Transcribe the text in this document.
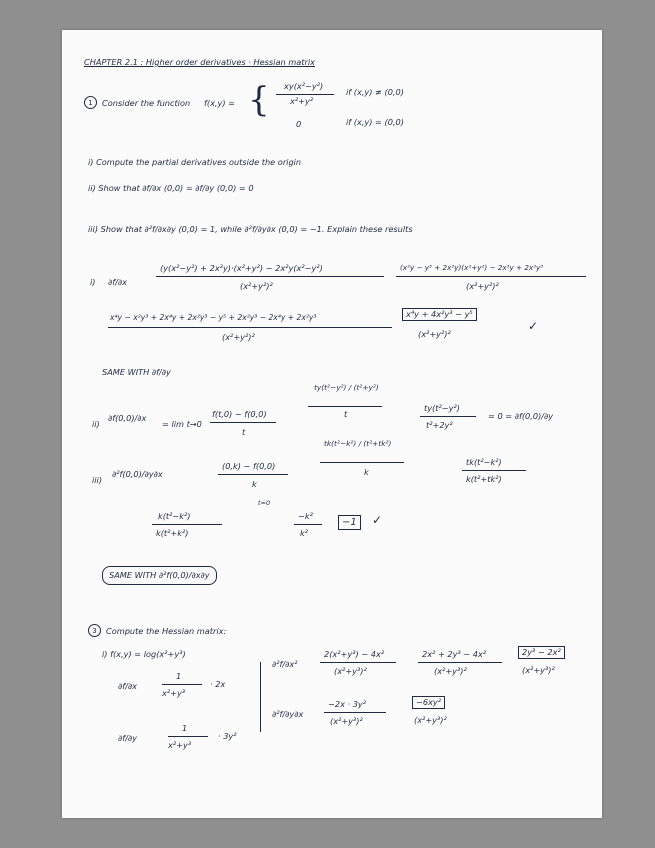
CHAPTER 2.1 : Higher order derivatives · Hessian matrix
1	Consider the function f(x,y) = { xy(x²−y²)
x²+y²
if (x,y) ≠ (0,0)
0	if (x,y) = (0,0)
i) Compute the partial derivatives outside the origin
ii) Show that ∂f/∂x (0,0) = ∂f/∂y (0,0) = 0
iii) Show that ∂²f/∂x∂y (0,0) = 1, while ∂²f/∂y∂x (0,0) = −1. Explain these results
i) ∂f/∂x
(y(x²−y²) + 2x²y)·(x²+y²) − 2x²y(x²−y²)
(x²+y²)²
(x²y − y³ + 2x²y)(x²+y²) − 2x³y + 2x²y³
(x²+y²)²
x⁴y − x²y³ + 2x⁴y + 2x²y³ − y⁵ + 2x²y³ − 2x⁴y + 2x²y³
(x²+y²)²
x⁴y + 4x²y³ − y⁵
(x²+y²)²
✓
SAME WITH ∂f/∂y
ii)
∂f(0,0)/∂x
= lim t→0
f(t,0) − f(0,0)
t
ty(t²−y²) / (t²+y²)
t
ty(t²−y²)
t²+2y²
= 0 = ∂f(0,0)/∂y
iii)
∂²f(0,0)/∂y∂x
(0,k) − f(0,0)
k
tk(t²−k²) / (t²+tk²)
k
tk(t²−k²)
k(t²+tk²)
k(t²−k²)
k(t²+k²)
t=0
−k²
k²
−1	✓
SAME WITH ∂²f(0,0)/∂x∂y
3	Compute the Hessian matrix:
i) f(x,y) = log(x²+y³)
∂f/∂x
1
x²+y³
· 2x
∂f/∂y
1
x²+y³
· 3y²
∂²f/∂x²
2(x²+y³) − 4x²
(x²+y³)²
2x² + 2y³ − 4x²
(x²+y³)²
2y³ − 2x²
(x²+y³)²
∂²f/∂y∂x
−2x · 3y²
(x²+y³)²
−6xy²
(x²+y³)²
